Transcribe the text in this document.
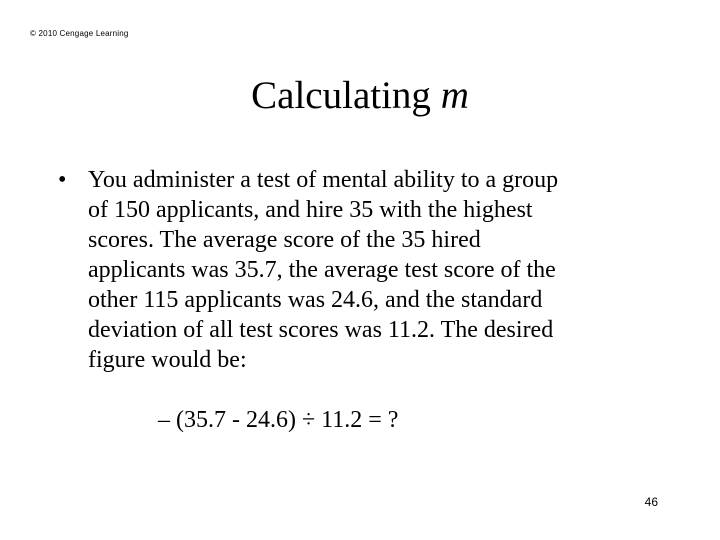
© 2010 Cengage Learning
Calculating m
• You administer a test of mental ability to a group
of 150 applicants, and hire 35 with the highest
scores. The average score of the 35 hired
applicants was 35.7, the average test score of the
other 115 applicants was 24.6, and the standard
deviation of all test scores was 11.2. The desired
figure would be:
– (35.7 - 24.6) ÷ 11.2 = ?
46
